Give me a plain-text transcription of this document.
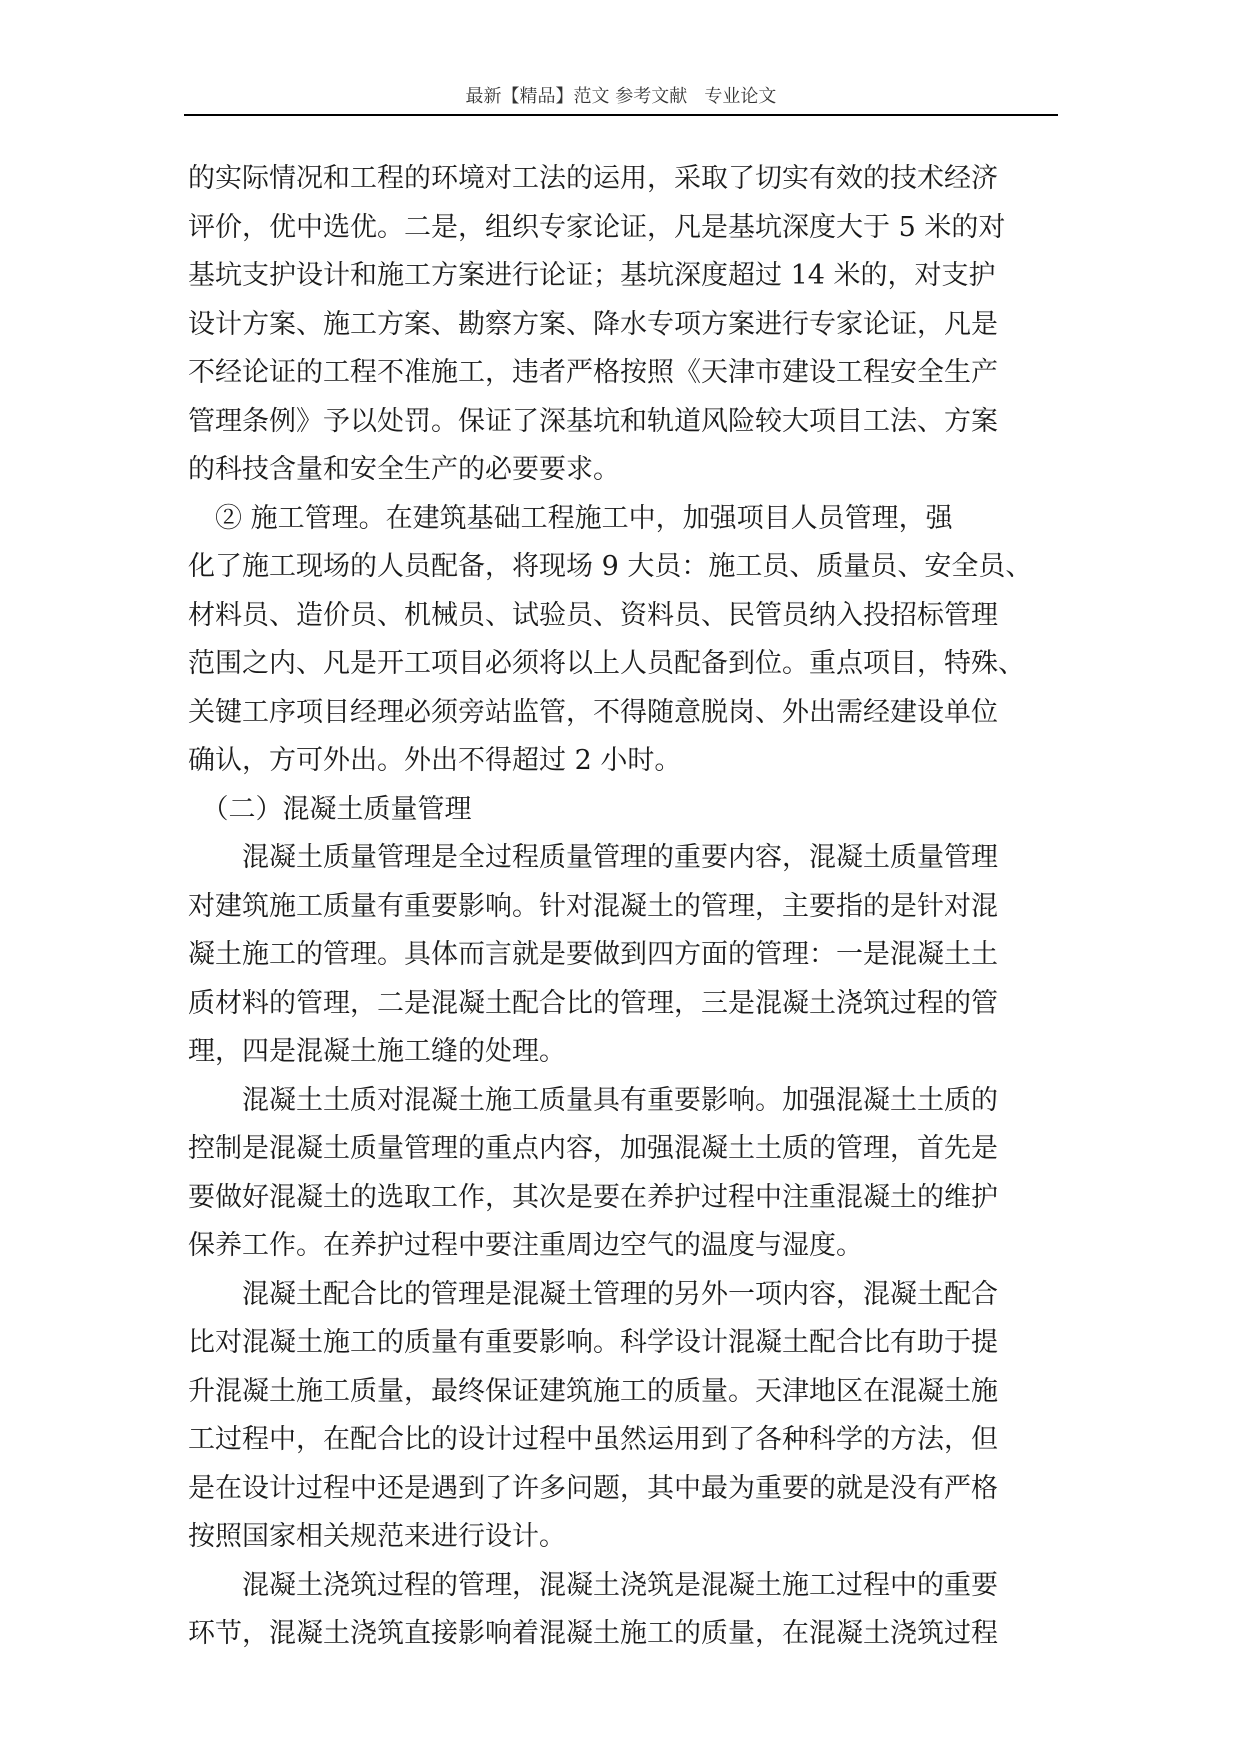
最新【精品】范文 参考文献   专业论文
的实际情况和工程的环境对工法的运用，采取了切实有效的技术经济
评价，优中选优。二是，组织专家论证，凡是基坑深度大于 5 米的对
基坑支护设计和施工方案进行论证；基坑深度超过 14 米的，对支护
设计方案、施工方案、勘察方案、降水专项方案进行专家论证，凡是
不经论证的工程不准施工，违者严格按照《天津市建设工程安全生产
管理条例》予以处罚。保证了深基坑和轨道风险较大项目工法、方案
的科技含量和安全生产的必要要求。
　② 施工管理。在建筑基础工程施工中，加强项目人员管理，强
化了施工现场的人员配备，将现场 9 大员：施工员、质量员、安全员、
材料员、造价员、机械员、试验员、资料员、民管员纳入投招标管理
范围之内、凡是开工项目必须将以上人员配备到位。重点项目，特殊、
关键工序项目经理必须旁站监管，不得随意脱岗、外出需经建设单位
确认，方可外出。外出不得超过 2 小时。
　（二）混凝土质量管理
　　混凝土质量管理是全过程质量管理的重要内容，混凝土质量管理
对建筑施工质量有重要影响。针对混凝土的管理，主要指的是针对混
凝土施工的管理。具体而言就是要做到四方面的管理：一是混凝土土
质材料的管理，二是混凝土配合比的管理，三是混凝土浇筑过程的管
理，四是混凝土施工缝的处理。
　　混凝土土质对混凝土施工质量具有重要影响。加强混凝土土质的
控制是混凝土质量管理的重点内容，加强混凝土土质的管理，首先是
要做好混凝土的选取工作，其次是要在养护过程中注重混凝土的维护
保养工作。在养护过程中要注重周边空气的温度与湿度。
　　混凝土配合比的管理是混凝土管理的另外一项内容，混凝土配合
比对混凝土施工的质量有重要影响。科学设计混凝土配合比有助于提
升混凝土施工质量，最终保证建筑施工的质量。天津地区在混凝土施
工过程中，在配合比的设计过程中虽然运用到了各种科学的方法，但
是在设计过程中还是遇到了许多问题，其中最为重要的就是没有严格
按照国家相关规范来进行设计。
　　混凝土浇筑过程的管理，混凝土浇筑是混凝土施工过程中的重要
环节，混凝土浇筑直接影响着混凝土施工的质量，在混凝土浇筑过程
